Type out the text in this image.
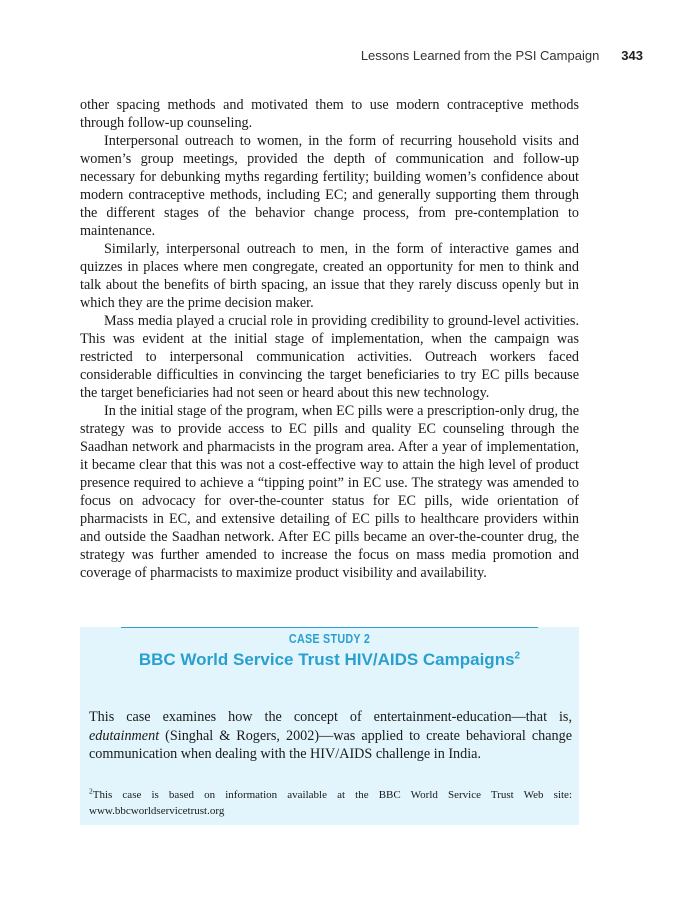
Lessons Learned from the PSI Campaign 343

other spacing methods and motivated them to use modern contraceptive methods through follow-up counseling.

Interpersonal outreach to women, in the form of recurring household visits and women’s group meetings, provided the depth of communication and follow-up necessary for debunking myths regarding fertility; building women’s confidence about modern contraceptive methods, including EC; and generally supporting them through the different stages of the behavior change process, from pre-contemplation to maintenance.

Similarly, interpersonal outreach to men, in the form of interactive games and quizzes in places where men congregate, created an opportunity for men to think and talk about the benefits of birth spacing, an issue that they rarely discuss openly but in which they are the prime decision maker.

Mass media played a crucial role in providing credibility to ground-level activities. This was evident at the initial stage of implementation, when the campaign was restricted to interpersonal communication activities. Outreach workers faced considerable difficulties in convincing the target beneficiaries to try EC pills because the target beneficiaries had not seen or heard about this new technology.

In the initial stage of the program, when EC pills were a prescription-only drug, the strategy was to provide access to EC pills and quality EC counseling through the Saadhan network and pharmacists in the program area. After a year of implementation, it became clear that this was not a cost-effective way to attain the high level of product presence required to achieve a “tipping point” in EC use. The strategy was amended to focus on advocacy for over-the-counter status for EC pills, wide orientation of pharmacists in EC, and extensive detailing of EC pills to healthcare providers within and outside the Saadhan network. After EC pills became an over-the-counter drug, the strategy was further amended to increase the focus on mass media promotion and coverage of pharmacists to maximize product visibility and availability.

CASE STUDY 2
BBC World Service Trust HIV/AIDS Campaigns$^2$

This case examines how the concept of entertainment-education—that is, edutainment (Singhal & Rogers, 2002)—was applied to create behavioral change communication when dealing with the HIV/AIDS challenge in India.

$^2$This case is based on information available at the BBC World Service Trust Web site: www.bbcworldservicetrust.org
